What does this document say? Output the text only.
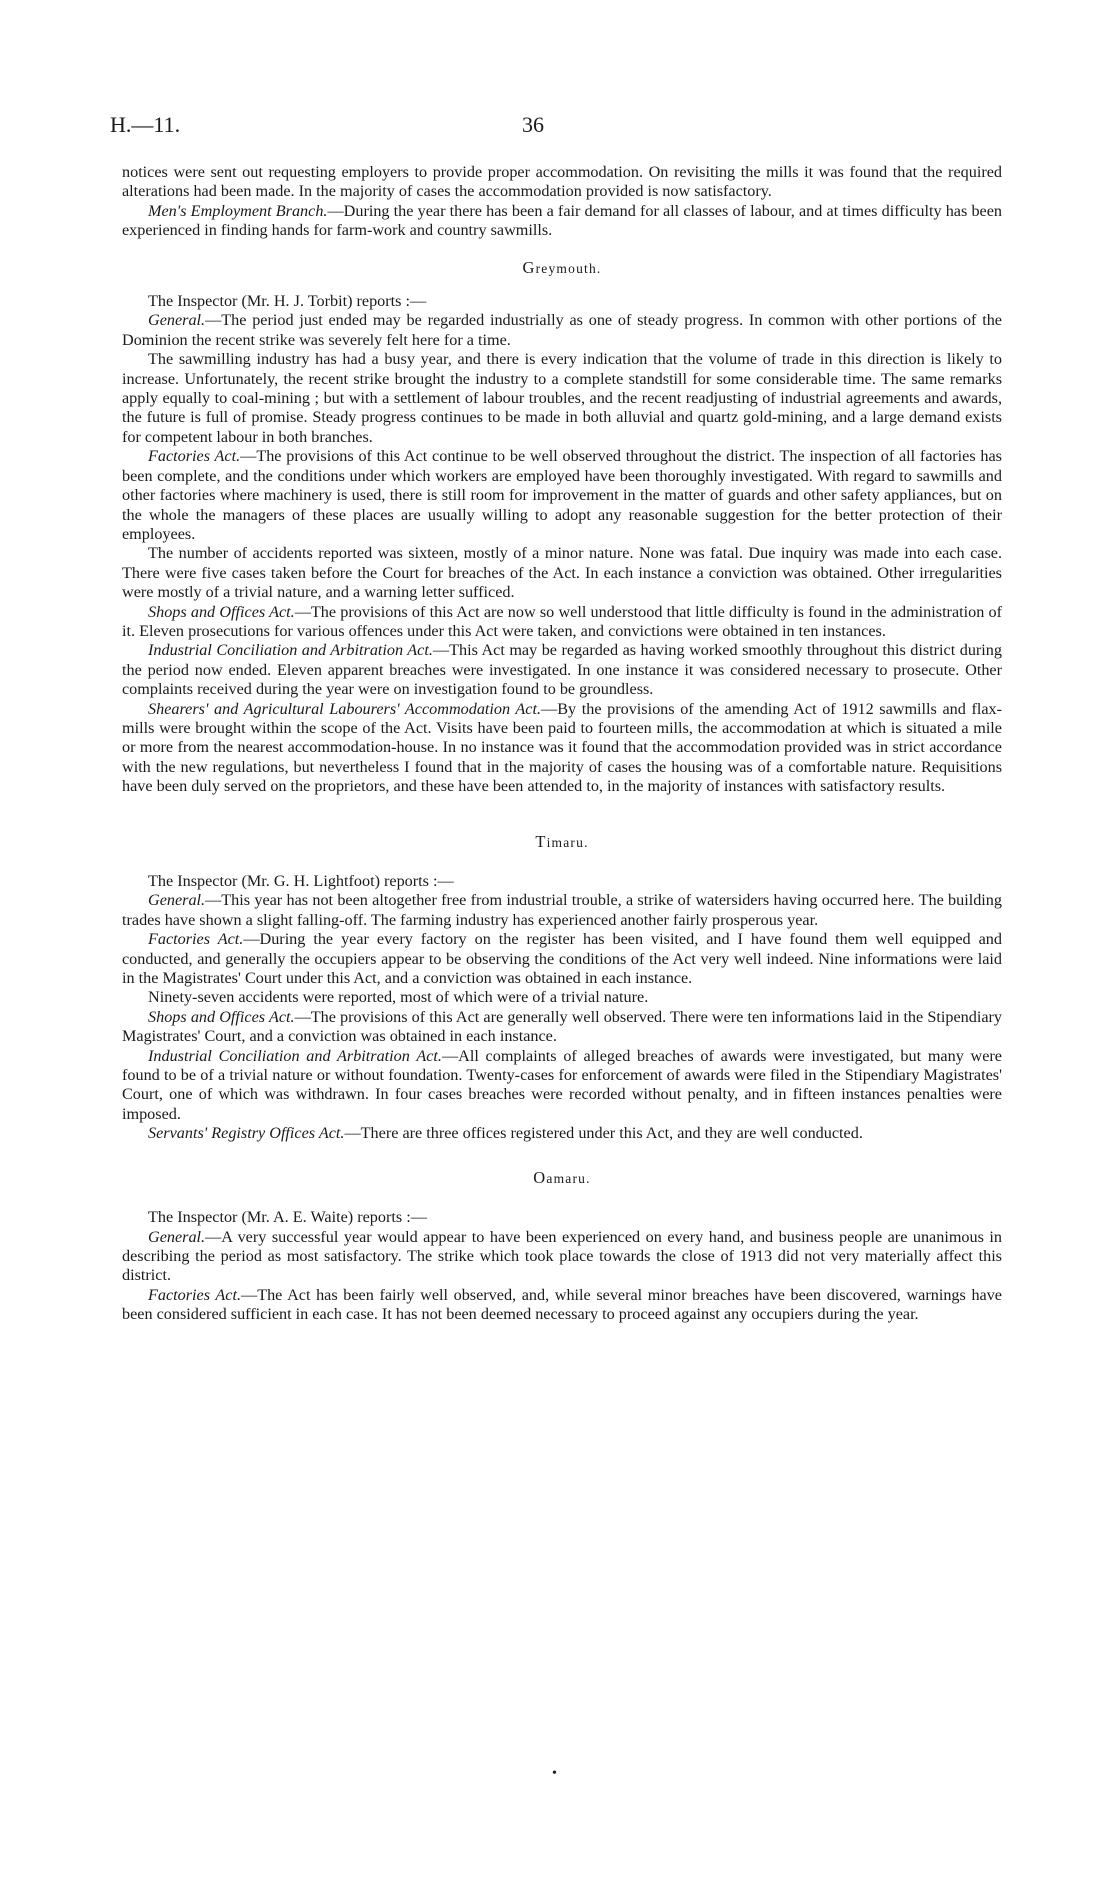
H.—11.	36

notices were sent out requesting employers to provide proper accommodation. On revisiting the mills it was found that the required alterations had been made. In the majority of cases the accommodation provided is now satisfactory.

Men's Employment Branch.—During the year there has been a fair demand for all classes of labour, and at times difficulty has been experienced in finding hands for farm-work and country sawmills.

Greymouth.

The Inspector (Mr. H. J. Torbit) reports :—

General.—The period just ended may be regarded industrially as one of steady progress. In common with other portions of the Dominion the recent strike was severely felt here for a time.

The sawmilling industry has had a busy year, and there is every indication that the volume of trade in this direction is likely to increase. Unfortunately, the recent strike brought the industry to a complete standstill for some considerable time. The same remarks apply equally to coal-mining ; but with a settlement of labour troubles, and the recent readjusting of industrial agreements and awards, the future is full of promise. Steady progress continues to be made in both alluvial and quartz gold-mining, and a large demand exists for competent labour in both branches.

Factories Act.—The provisions of this Act continue to be well observed throughout the district. The inspection of all factories has been complete, and the conditions under which workers are employed have been thoroughly investigated. With regard to sawmills and other factories where machinery is used, there is still room for improvement in the matter of guards and other safety appliances, but on the whole the managers of these places are usually willing to adopt any reasonable suggestion for the better protection of their employees.

The number of accidents reported was sixteen, mostly of a minor nature. None was fatal. Due inquiry was made into each case. There were five cases taken before the Court for breaches of the Act. In each instance a conviction was obtained. Other irregularities were mostly of a trivial nature, and a warning letter sufficed.

Shops and Offices Act.—The provisions of this Act are now so well understood that little difficulty is found in the administration of it. Eleven prosecutions for various offences under this Act were taken, and convictions were obtained in ten instances.

Industrial Conciliation and Arbitration Act.—This Act may be regarded as having worked smoothly throughout this district during the period now ended. Eleven apparent breaches were investigated. In one instance it was considered necessary to prosecute. Other complaints received during the year were on investigation found to be groundless.

Shearers' and Agricultural Labourers' Accommodation Act.—By the provisions of the amending Act of 1912 sawmills and flax-mills were brought within the scope of the Act. Visits have been paid to fourteen mills, the accommodation at which is situated a mile or more from the nearest accommodation-house. In no instance was it found that the accommodation provided was in strict accordance with the new regulations, but nevertheless I found that in the majority of cases the housing was of a comfortable nature. Requisitions have been duly served on the proprietors, and these have been attended to, in the majority of instances with satisfactory results.

Timaru.

The Inspector (Mr. G. H. Lightfoot) reports :—

General.—This year has not been altogether free from industrial trouble, a strike of watersiders having occurred here. The building trades have shown a slight falling-off. The farming industry has experienced another fairly prosperous year.

Factories Act.—During the year every factory on the register has been visited, and I have found them well equipped and conducted, and generally the occupiers appear to be observing the conditions of the Act very well indeed. Nine informations were laid in the Magistrates' Court under this Act, and a conviction was obtained in each instance.

Ninety-seven accidents were reported, most of which were of a trivial nature.

Shops and Offices Act.—The provisions of this Act are generally well observed. There were ten informations laid in the Stipendiary Magistrates' Court, and a conviction was obtained in each instance.

Industrial Conciliation and Arbitration Act.—All complaints of alleged breaches of awards were investigated, but many were found to be of a trivial nature or without foundation. Twenty-cases for enforcement of awards were filed in the Stipendiary Magistrates' Court, one of which was withdrawn. In four cases breaches were recorded without penalty, and in fifteen instances penalties were imposed.

Servants' Registry Offices Act.—There are three offices registered under this Act, and they are well conducted.

Oamaru.

The Inspector (Mr. A. E. Waite) reports :—

General.—A very successful year would appear to have been experienced on every hand, and business people are unanimous in describing the period as most satisfactory. The strike which took place towards the close of 1913 did not very materially affect this district.

Factories Act.—The Act has been fairly well observed, and, while several minor breaches have been discovered, warnings have been considered sufficient in each case. It has not been deemed necessary to proceed against any occupiers during the year.

•
